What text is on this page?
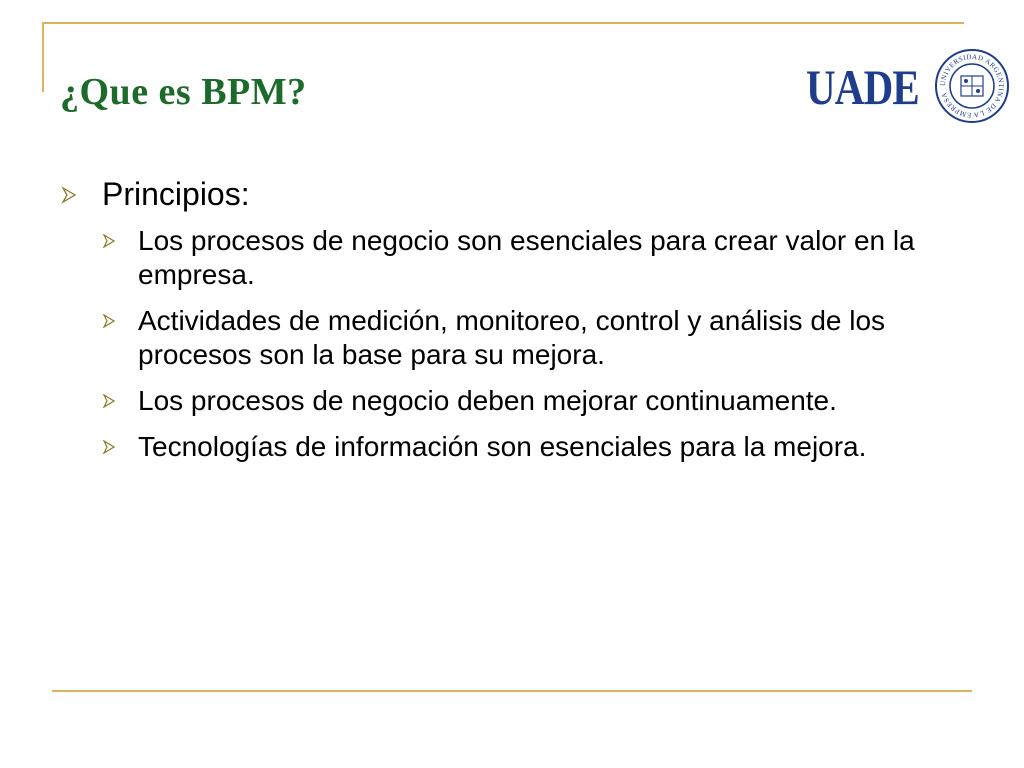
¿Que es BPM?	UADE	UNIVERSIDAD ARGENTINA DE LA EMPRESA
Principios:
Los procesos de negocio son esenciales para crear valor en la empresa.
Actividades de medición, monitoreo, control y análisis de los procesos son la base para su mejora.
Los procesos de negocio deben mejorar continuamente.
Tecnologías de información son esenciales para la mejora.
